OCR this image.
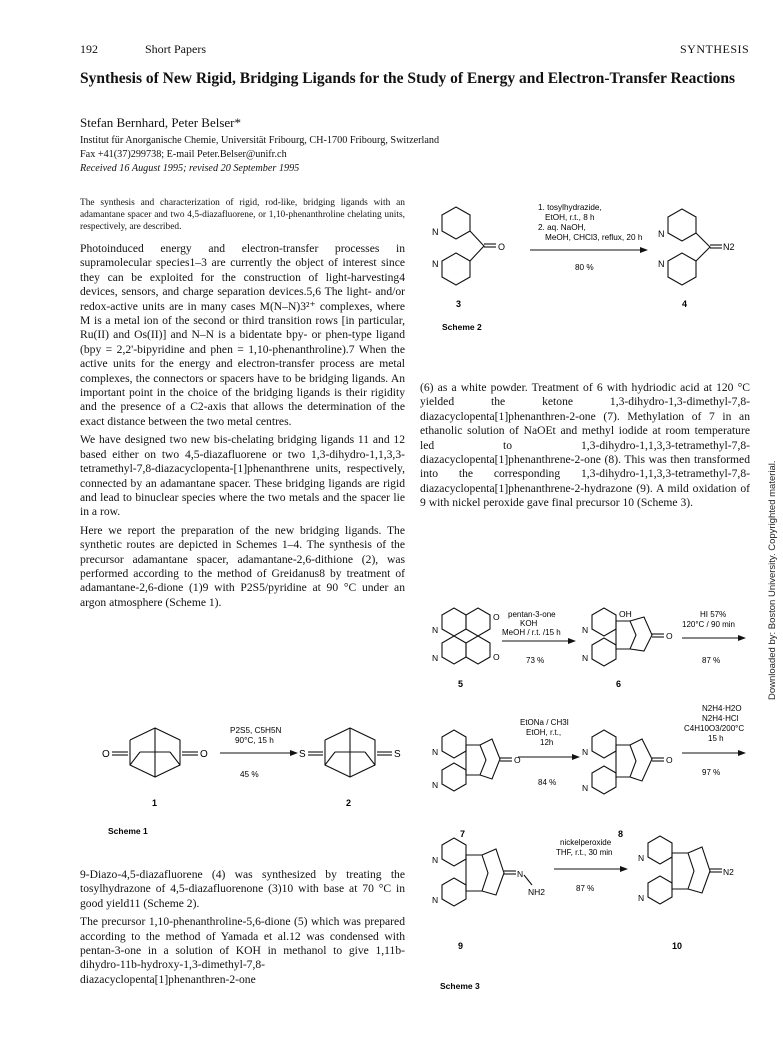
192	Short Papers	SYNTHESIS
Synthesis of New Rigid, Bridging Ligands for the Study of Energy and Electron-Transfer Reactions
Stefan Bernhard, Peter Belser*
Institut für Anorganische Chemie, Universität Fribourg, CH-1700 Fribourg, Switzerland
Fax +41(37)299738; E-mail Peter.Belser@unifr.ch
Received 16 August 1995; revised 20 September 1995
The synthesis and characterization of rigid, rod-like, bridging ligands with an adamantane spacer and two 4,5-diazafluorene, or 1,10-phenanthroline chelating units, respectively, are described.

Photoinduced energy and electron-transfer processes in supramolecular species1–3 are currently the object of interest since they can be exploited for the construction of light-harvesting4 devices, sensors, and charge separation devices.5,6 The light- and/or redox-active units are in many cases M(N–N)3²⁺ complexes, where M is a metal ion of the second or third transition rows [in particular, Ru(II) and Os(II)] and N–N is a bidentate bpy- or phen-type ligand (bpy = 2,2'-bipyridine and phen = 1,10-phenanthroline).7 When the active units for the energy and electron-transfer process are metal complexes, the connectors or spacers have to be bridging ligands. An important point in the choice of the bridging ligands is their rigidity and the presence of a C2-axis that allows the determination of the exact distance between the two metal centres.

We have designed two new bis-chelating bridging ligands 11 and 12 based either on two 4,5-diazafluorene or two 1,3-dihydro-1,1,3,3-tetramethyl-7,8-diazacyclopenta-[1]phenanthrene units, respectively, connected by an adamantane spacer. These bridging ligands are rigid and lead to binuclear species where the two metals and the spacer lie in a row.

Here we report the preparation of the new bridging ligands. The synthetic routes are depicted in Schemes 1–4. The synthesis of the precursor adamantane spacer, adamantane-2,6-dithione (2), was performed according to the method of Greidanus8 by treatment of adamantane-2,6-dione (1)9 with P2S5/pyridine at 90 °C under an argon atmosphere (Scheme 1).

O	O
1
P2S5, C5H5N
90°C, 15 h
45 %
S	S
2
Scheme 1

9-Diazo-4,5-diazafluorene (4) was synthesized by treating the tosylhydrazone of 4,5-diazafluorenone (3)10 with base at 70 °C in good yield11 (Scheme 2).

The precursor 1,10-phenanthroline-5,6-dione (5) which was prepared according to the method of Yamada et al.12 was condensed with pentan-3-one in a solution of KOH in methanol to give 1,11b-dihydro-11b-hydroxy-1,3-dimethyl-7,8-diazacyclopenta[1]phenanthren-2-one

N
N
O
3
1. tosylhydrazide,
EtOH, r.t., 8 h
2. aq. NaOH,
MeOH, CHCl3, reflux, 20 h
80 %
N
N
N2
4
Scheme 2

(6) as a white powder. Treatment of 6 with hydriodic acid at 120 °C yielded the ketone 1,3-dihydro-1,3-dimethyl-7,8-diazacyclopenta[1]phenanthren-2-one (7). Methylation of 7 in an ethanolic solution of NaOEt and methyl iodide at room temperature led to 1,3-dihydro-1,1,3,3-tetramethyl-7,8-diazacyclopenta[1]phenanthrene-2-one (8). This was then transformed into the corresponding 1,3-dihydro-1,1,3,3-tetramethyl-7,8-diazacyclopenta[1]phenanthrene-2-hydrazone (9). A mild oxidation of 9 with nickel peroxide gave final precursor 10 (Scheme 3).

N
N
O
O
5
pentan-3-one
KOH
MeOH / r.t. /15 h
73 %
N
N
OH
O
6
HI 57%
120°C / 90 min
87 %
N
N
O
7
EtONa / CH3I
EtOH, r.t.,
12h
84 %
N
N
O
8
N2H4·H2O
N2H4·HCl
C4H10O3/200°C
15 h
97 %
N
N
N
NH2
9
nickelperoxide
THF, r.t., 30 min
87 %
N
N
N2
10
Scheme 3
Downloaded by: Boston University. Copyrighted material.
